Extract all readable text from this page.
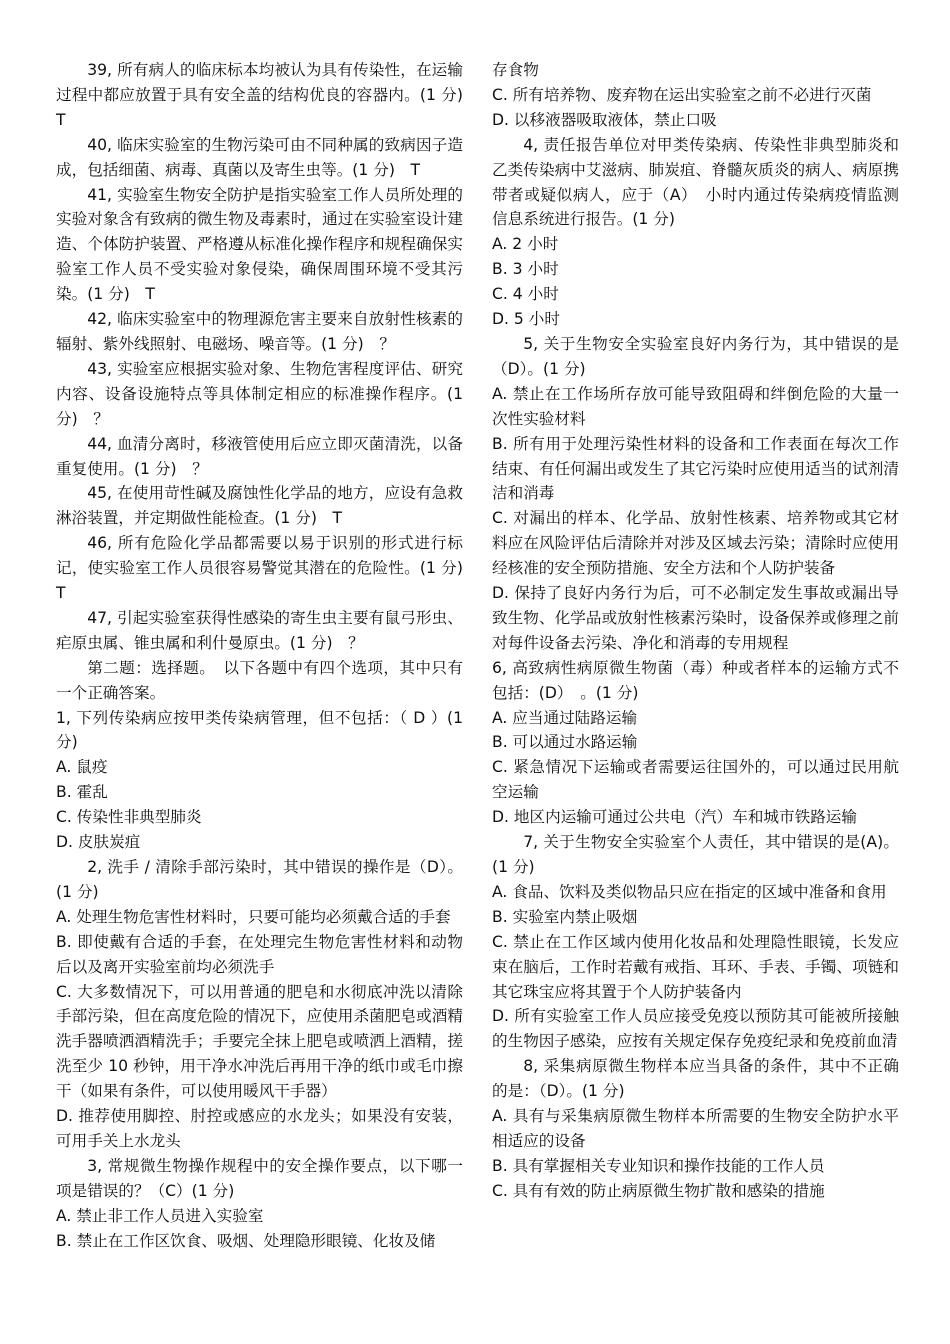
39, 所有病人的临床标本均被认为具有传染性，在运输过程中都应放置于具有安全盖的结构优良的容器内。(1 分)　T

40, 临床实验室的生物污染可由不同种属的致病因子造成，包括细菌、病毒、真菌以及寄生虫等。(1 分)　T

41, 实验室生物安全防护是指实验室工作人员所处理的实验对象含有致病的微生物及毒素时，通过在实验室设计建造、个体防护装置、严格遵从标准化操作程序和规程确保实验室工作人员不受实验对象侵染，确保周围环境不受其污染。(1 分)　T

42, 临床实验室中的物理源危害主要来自放射性核素的辐射、紫外线照射、电磁场、噪音等。(1 分)　？

43, 实验室应根据实验对象、生物危害程度评估、研究内容、设备设施特点等具体制定相应的标准操作程序。(1 分)　？

44, 血清分离时，移液管使用后应立即灭菌清洗，以备重复使用。(1 分)　？

45, 在使用苛性碱及腐蚀性化学品的地方，应设有急救淋浴装置，并定期做性能检查。(1 分)　T

46, 所有危险化学品都需要以易于识别的形式进行标记，使实验室工作人员很容易警觉其潜在的危险性。(1 分)　T

47, 引起实验室获得性感染的寄生虫主要有鼠弓形虫、疟原虫属、锥虫属和利什曼原虫。(1 分)　？

第二题：选择题。　以下各题中有四个选项，其中只有一个正确答案。

1, 下列传染病应按甲类传染病管理，但不包括：（ D ）(1 分)

A. 鼠疫

B. 霍乱

C. 传染性非典型肺炎

D. 皮肤炭疽

2, 洗手 / 清除手部污染时，其中错误的操作是（D）。(1 分)

A. 处理生物危害性材料时，只要可能均必须戴合适的手套

B. 即使戴有合适的手套，在处理完生物危害性材料和动物后以及离开实验室前均必须洗手

C. 大多数情况下，可以用普通的肥皂和水彻底冲洗以清除手部污染，但在高度危险的情况下，应使用杀菌肥皂或酒精洗手器喷洒酒精洗手；手要完全抹上肥皂或喷洒上酒精，搓洗至少 10 秒钟，用干净水冲洗后再用干净的纸巾或毛巾擦干（如果有条件，可以使用暖风干手器）

D. 推荐使用脚控、肘控或感应的水龙头；如果没有安装，可用手关上水龙头

3, 常规微生物操作规程中的安全操作要点，以下哪一项是错误的？（C）(1 分)

A. 禁止非工作人员进入实验室

B. 禁止在工作区饮食、吸烟、处理隐形眼镜、化妆及储

存食物

C. 所有培养物、废弃物在运出实验室之前不必进行灭菌

D. 以移液器吸取液体，禁止口吸

4, 责任报告单位对甲类传染病、传染性非典型肺炎和乙类传染病中艾滋病、肺炭疽、脊髓灰质炎的病人、病原携带者或疑似病人，应于（A）　小时内通过传染病疫情监测信息系统进行报告。(1 分)

A. 2 小时

B. 3 小时

C. 4 小时

D. 5 小时

5, 关于生物安全实验室良好内务行为，其中错误的是（D）。(1 分)

A. 禁止在工作场所存放可能导致阻碍和绊倒危险的大量一次性实验材料

B. 所有用于处理污染性材料的设备和工作表面在每次工作结束、有任何漏出或发生了其它污染时应使用适当的试剂清洁和消毒

C. 对漏出的样本、化学品、放射性核素、培养物或其它材料应在风险评估后清除并对涉及区域去污染；清除时应使用经核准的安全预防措施、安全方法和个人防护装备

D. 保持了良好内务行为后，可不必制定发生事故或漏出导致生物、化学品或放射性核素污染时，设备保养或修理之前对每件设备去污染、净化和消毒的专用规程

6, 高致病性病原微生物菌（毒）种或者样本的运输方式不包括：(D）　。(1 分)

A. 应当通过陆路运输

B. 可以通过水路运输

C. 紧急情况下运输或者需要运往国外的，可以通过民用航空运输

D. 地区内运输可通过公共电（汽）车和城市铁路运输

7, 关于生物安全实验室个人责任，其中错误的是(A)。(1 分)

A. 食品、饮料及类似物品只应在指定的区域中准备和食用

B. 实验室内禁止吸烟

C. 禁止在工作区域内使用化妆品和处理隐性眼镜，长发应束在脑后，工作时若戴有戒指、耳环、手表、手镯、项链和其它珠宝应将其置于个人防护装备内

D. 所有实验室工作人员应接受免疫以预防其可能被所接触的生物因子感染，应按有关规定保存免疫纪录和免疫前血清

8, 采集病原微生物样本应当具备的条件，其中不正确的是：（D）。(1 分)

A. 具有与采集病原微生物样本所需要的生物安全防护水平相适应的设备

B. 具有掌握相关专业知识和操作技能的工作人员

C. 具有有效的防止病原微生物扩散和感染的措施
